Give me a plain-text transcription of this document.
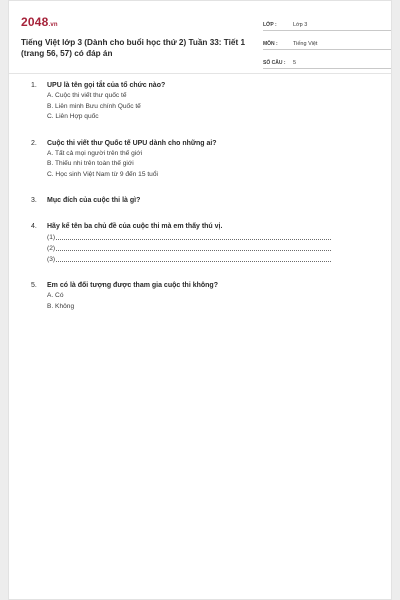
2048.vn
Tiếng Việt lớp 3 (Dành cho buổi học thứ 2) Tuần 33: Tiết 1 (trang 56, 57) có đáp án
LỚP :	Lớp 3
MÔN :	Tiếng Việt
SỐ CÂU : 5
1.	UPU là tên gọi tắt của tổ chức nào?
A. Cuộc thi viết thư quốc tế
B. Liên minh Bưu chính Quốc tế
C. Liên Hợp quốc
2.	Cuộc thi viết thư Quốc tế UPU dành cho những ai?
A. Tất cả mọi người trên thế giới
B. Thiếu nhi trên toàn thế giới
C. Học sinh Việt Nam từ 9 đến 15 tuổi
3.	Mục đích của cuộc thi là gì?
4.	Hãy kể tên ba chủ đề của cuộc thi mà em thấy thú vị.
(1)
(2)
(3)
5.	Em có là đối tượng được tham gia cuộc thi không?
A. Có
B. Không
